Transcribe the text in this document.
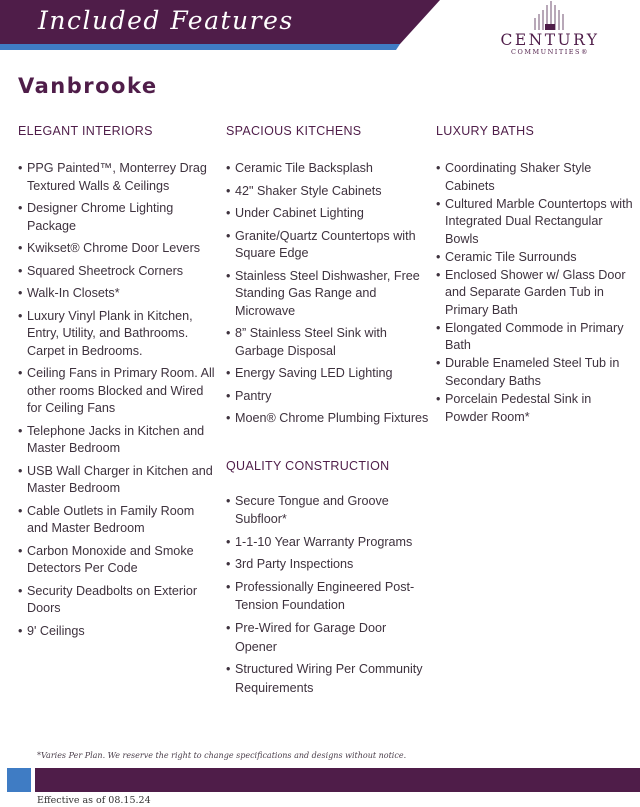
Included Features
CENTURY
COMMUNITIES®
Vanbrooke
ELEGANT INTERIORS
• PPG Painted™, Monterrey Drag Textured Walls & Ceilings
• Designer Chrome Lighting Package
• Kwikset® Chrome Door Levers
• Squared Sheetrock Corners
• Walk-In Closets*
• Luxury Vinyl Plank in Kitchen, Entry, Utility, and Bathrooms. Carpet in Bedrooms.
• Ceiling Fans in Primary Room. All other rooms Blocked and Wired for Ceiling Fans
• Telephone Jacks in Kitchen and Master Bedroom
• USB Wall Charger in Kitchen and Master Bedroom
• Cable Outlets in Family Room and Master Bedroom
• Carbon Monoxide and Smoke Detectors Per Code
• Security Deadbolts on Exterior Doors
• 9' Ceilings
SPACIOUS KITCHENS
• Ceramic Tile Backsplash
• 42" Shaker Style Cabinets
• Under Cabinet Lighting
• Granite/Quartz Countertops with Square Edge
• Stainless Steel Dishwasher, Free Standing Gas Range and Microwave
• 8” Stainless Steel Sink with Garbage Disposal
• Energy Saving LED Lighting
• Pantry
• Moen® Chrome Plumbing Fixtures
QUALITY CONSTRUCTION
• Secure Tongue and Groove Subfloor*
• 1-1-10 Year Warranty Programs
• 3rd Party Inspections
• Professionally Engineered Post-Tension Foundation
• Pre-Wired for Garage Door Opener
• Structured Wiring Per Community Requirements
LUXURY BATHS
• Coordinating Shaker Style Cabinets
• Cultured Marble Countertops with Integrated Dual Rectangular Bowls
• Ceramic Tile Surrounds
• Enclosed Shower w/ Glass Door and Separate Garden Tub in Primary Bath
• Elongated Commode in Primary Bath
• Durable Enameled Steel Tub in Secondary Baths
• Porcelain Pedestal Sink in Powder Room*
*Varies Per Plan. We reserve the right to change specifications and designs without notice.
Effective as of 08.15.24
